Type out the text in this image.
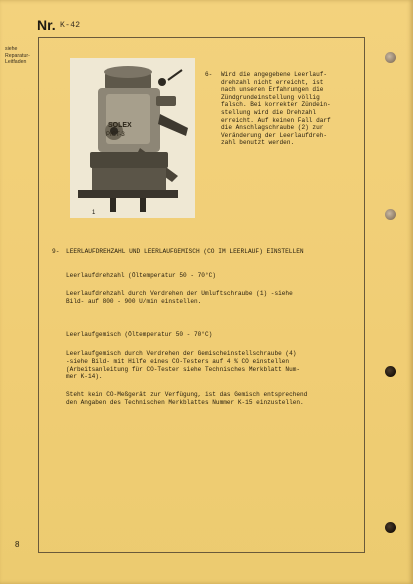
Nr. K-42
siehe
Reparatur-
Leitfaden
SOLEX
PICT-3
1
6- Wird die angegebene Leerlauf-
drehzahl nicht erreicht, ist
nach unseren Erfahrungen die
Zündgrundeinstellung völlig
falsch. Bei korrekter Zündein-
stellung wird die Drehzahl
erreicht. Auf keinen Fall darf
die Anschlagschraube (2) zur
Veränderung der Leerlaufdreh-
zahl benutzt werden.
9- LEERLAUFDREHZAHL UND LEERLAUFGEMISCH (CO IM LEERLAUF) EINSTELLEN
Leerlaufdrehzahl (Öltemperatur 50 - 70°C)
Leerlaufdrehzahl durch Verdrehen der Umluftschraube (1) -siehe
Bild- auf 800 - 900 U/min einstellen.
Leerlaufgemisch (Öltemperatur 50 - 70°C)
Leerlaufgemisch durch Verdrehen der Gemischeinstellschraube (4)
-siehe Bild- mit Hilfe eines CO-Testers auf 4 % CO einstellen
(Arbeitsanleitung für CO-Tester siehe Technisches Merkblatt Num-
mer K-14).
Steht kein CO-Meßgerät zur Verfügung, ist das Gemisch entsprechend
den Angaben des Technischen Merkblattes Nummer K-15 einzustellen.
8
